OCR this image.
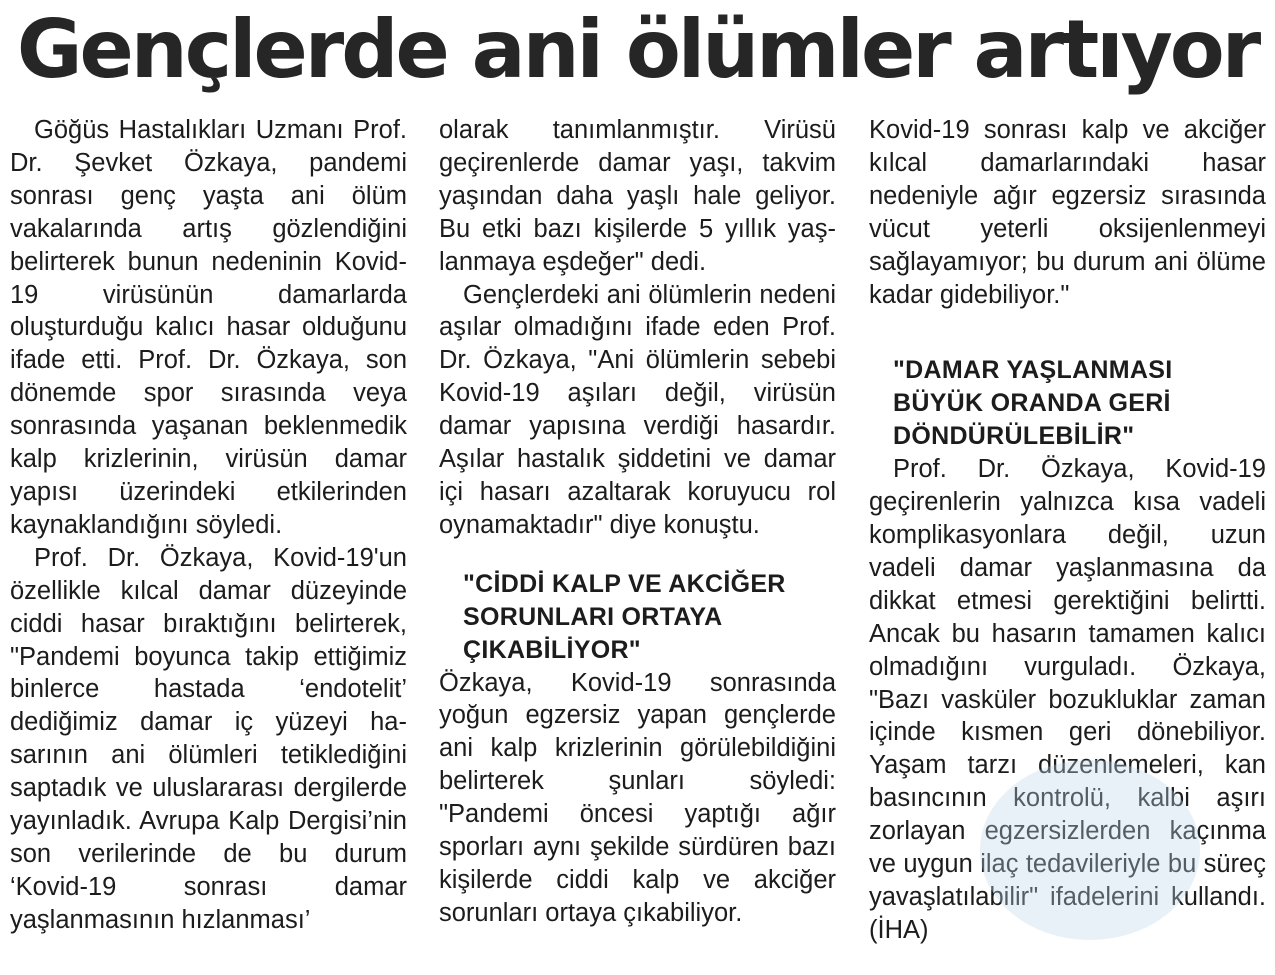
Gençlerde ani ölümler artıyor

Göğüs Hastalıkları Uzmanı Prof. Dr. Şevket Özkaya, pandemi sonrası genç yaşta ani ölüm vakalarında artış gözlendiğini belirterek bunun nedeninin Kovid-19 virüsünün damarlarda oluşturduğu kalıcı hasar olduğunu ifade etti. Prof. Dr. Özkaya, son dönemde spor sırasında veya sonrasında yaşanan beklenmedik kalp krizlerinin, virüsün damar yapısı üzerindeki etkilerinden kaynaklandığını söyledi.

Prof. Dr. Özkaya, Kovid-19'un özellikle kılcal damar düzeyinde ciddi hasar bıraktığını belirterek, "Pandemi boyunca takip ettiğimiz binlerce hastada ‘endotelit’ dediğimiz damar iç yüzeyi hasarının ani ölümleri tetiklediğini saptadık ve uluslararası dergilerde yayınladık. Avrupa Kalp Dergisi’nin son verilerinde de bu durum ‘Kovid-19 sonrası damar yaşlanmasının hızlanması’

olarak tanımlanmıştır. Virüsü geçirenlerde damar yaşı, takvim yaşından daha yaşlı hale geliyor. Bu etki bazı kişilerde 5 yıllık yaşlanmaya eşdeğer" dedi.

Gençlerdeki ani ölümlerin nedeni aşılar olmadığını ifade eden Prof. Dr. Özkaya, "Ani ölümlerin sebebi Kovid-19 aşıları değil, virüsün damar yapısına verdiği hasardır. Aşılar hastalık şiddetini ve damar içi hasarı azaltarak koruyucu rol oynamaktadır" diye konuştu.

"CİDDİ KALP VE AKCİĞER SORUNLARI ORTAYA ÇIKABİLİYOR"

Özkaya, Kovid-19 sonrasında yoğun egzersiz yapan gençlerde ani kalp krizlerinin görülebildiğini belirterek şunları söyledi: "Pandemi öncesi yaptığı ağır sporları aynı şekilde sürdüren bazı kişilerde ciddi kalp ve akciğer sorunları ortaya çıkabiliyor.

Kovid-19 sonrası kalp ve akciğer kılcal damarlarındaki hasar nedeniyle ağır egzersiz sırasında vücut yeterli oksijenlenmeyi sağlayamıyor; bu durum ani ölüme kadar gidebiliyor."

"DAMAR YAŞLANMASI BÜYÜK ORANDA GERİ DÖNDÜRÜLEBİLİR"

Prof. Dr. Özkaya, Kovid-19 geçirenlerin yalnızca kısa vadeli komplikasyonlara değil, uzun vadeli damar yaşlanmasına da dikkat etmesi gerektiğini belirtti. Ancak bu hasarın tamamen kalıcı olmadığını vurguladı. Özkaya, "Bazı vasküler bozukluklar zaman içinde kısmen geri dönebiliyor. Yaşam tarzı düzenlemeleri, kan basıncının kontrolü, kalbi aşırı zorlayan egzersizlerden kaçınma ve uygun ilaç tedavileriyle bu süreç yavaşlatılabilir" ifadelerini kullandı. (İHA)
